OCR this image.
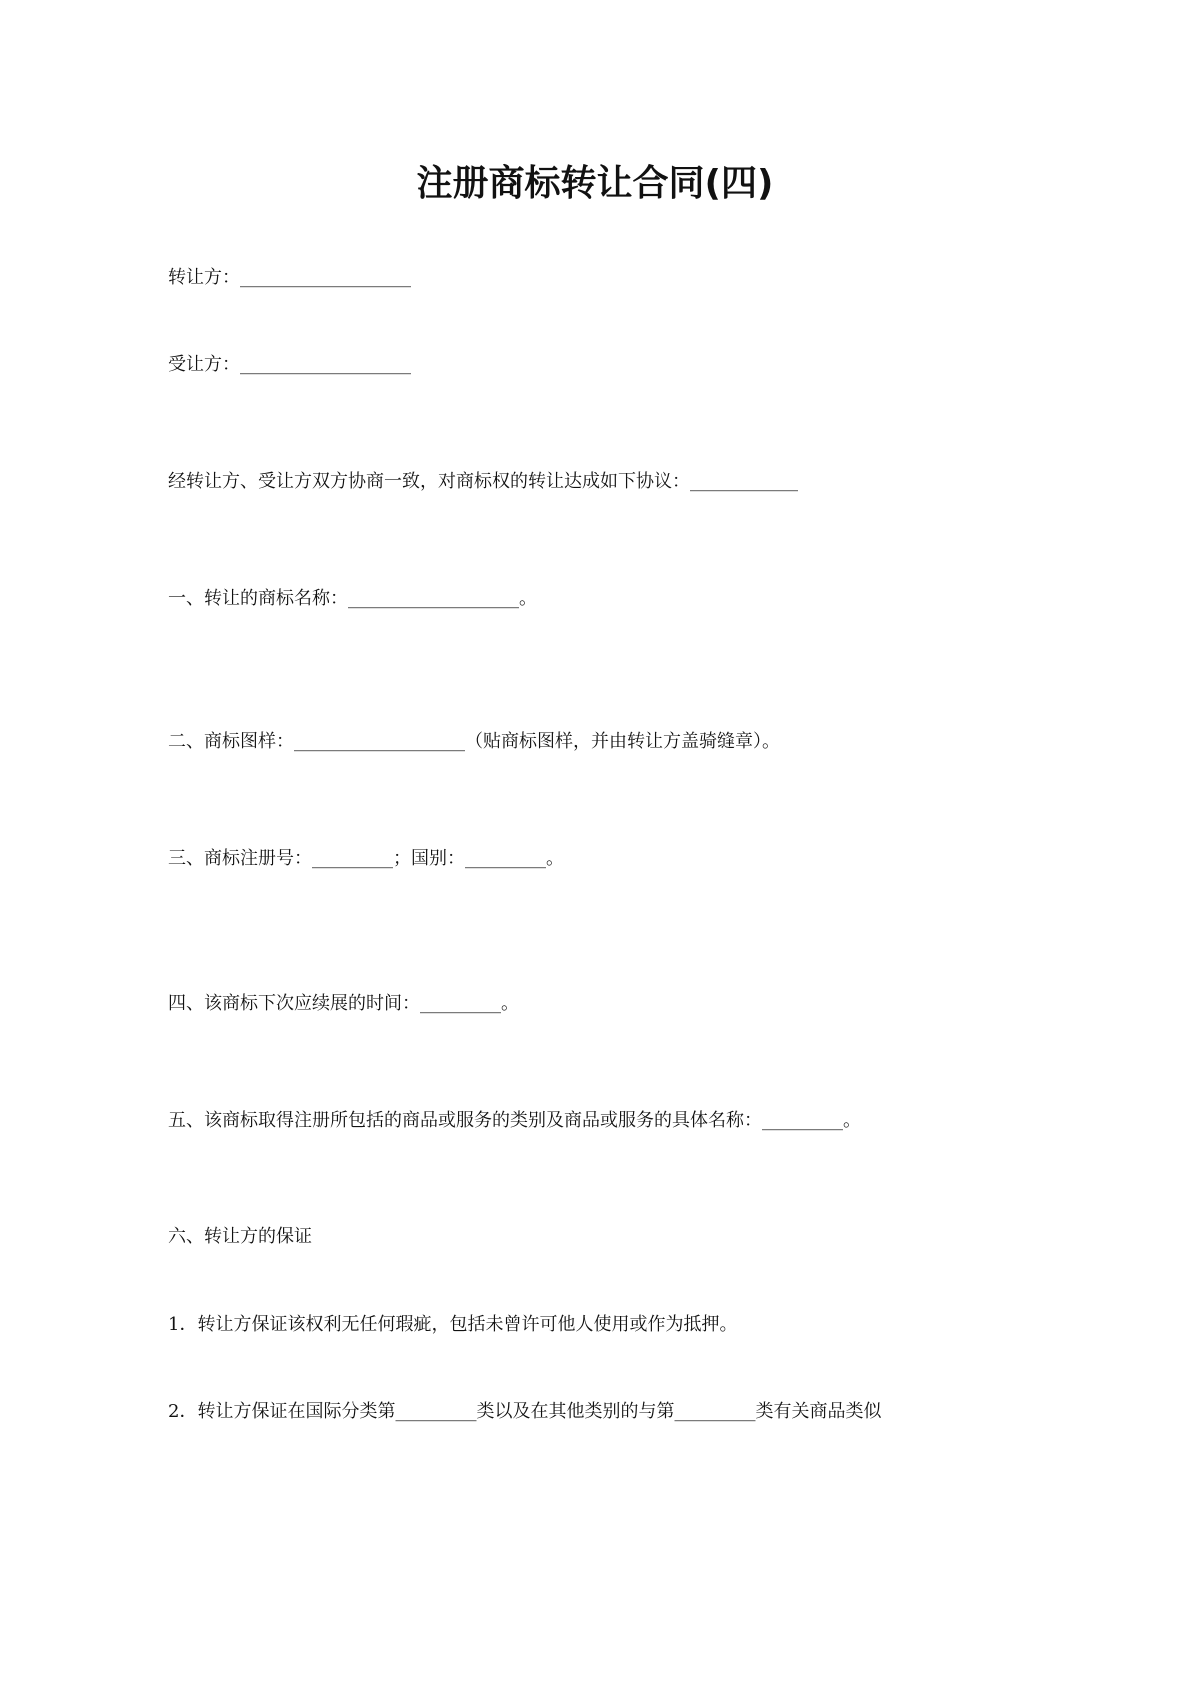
注册商标转让合同(四)
转让方：___________________
受让方：___________________
经转让方、受让方双方协商一致，对商标权的转让达成如下协议：____________
一、转让的商标名称：___________________。
二、商标图样：___________________（贴商标图样，并由转让方盖骑缝章）。
三、商标注册号：_________；国别：_________。
四、该商标下次应续展的时间：_________。
五、该商标取得注册所包括的商品或服务的类别及商品或服务的具体名称：_________。
六、转让方的保证
1．转让方保证该权利无任何瑕疵，包括未曾许可他人使用或作为抵押。
2．转让方保证在国际分类第_________类以及在其他类别的与第_________类有关商品类似
